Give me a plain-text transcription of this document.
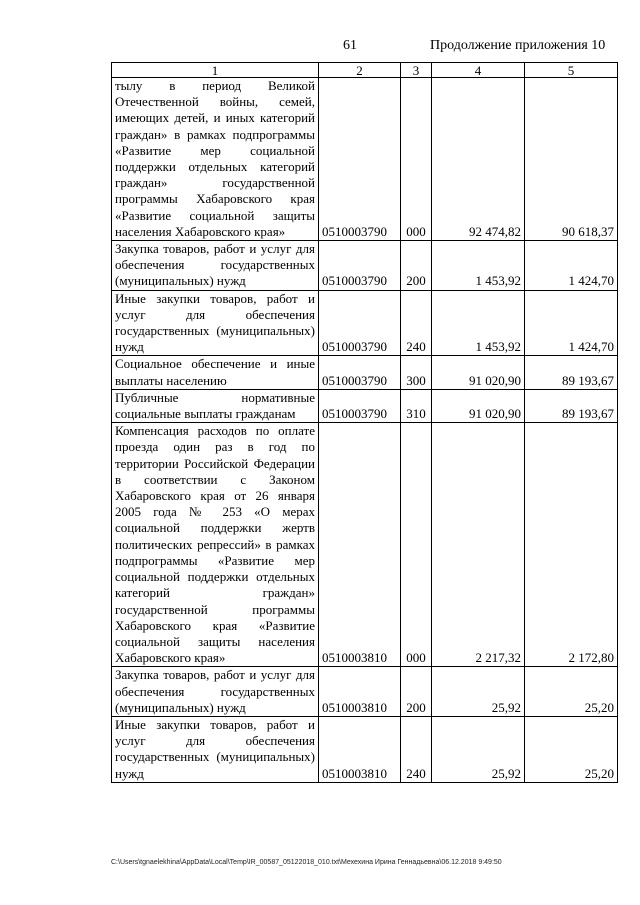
61	Продолжение приложения 10
1	2	3	4	5
тылу в период Великой Отечественной войны, семей, имеющих детей, и иных категорий граждан» в рамках подпрограммы «Развитие мер социальной поддержки отдельных категорий граждан» государственной программы Хабаровского края «Развитие социальной защиты населения Хабаровского края»	0510003790	000	92 474,82	90 618,37
Закупка товаров, работ и услуг для обеспечения государственных (муниципальных) нужд	0510003790	200	1 453,92	1 424,70
Иные закупки товаров, работ и услуг для обеспечения государственных (муниципальных) нужд	0510003790	240	1 453,92	1 424,70
Социальное обеспечение и иные выплаты населению	0510003790	300	91 020,90	89 193,67
Публичные нормативные социальные выплаты гражданам	0510003790	310	91 020,90	89 193,67
Компенсация расходов по оплате проезда один раз в год по территории Российской Федерации в соответствии с Законом Хабаровского края от 26 января 2005 года № 253 «О мерах социальной поддержки жертв политических репрессий» в рамках подпрограммы «Развитие мер социальной поддержки отдельных категорий граждан» государственной программы Хабаровского края «Развитие социальной защиты населения Хабаровского края»	0510003810	000	2 217,32	2 172,80
Закупка товаров, работ и услуг для обеспечения государственных (муниципальных) нужд	0510003810	200	25,92	25,20
Иные закупки товаров, работ и услуг для обеспечения государственных (муниципальных) нужд	0510003810	240	25,92	25,20
C:\Users\tgnaelekhina\AppData\Local\Temp\IR_00587_05122018_010.txt\Мехехина Ирина Геннадьевна\06.12.2018 9:49:50
